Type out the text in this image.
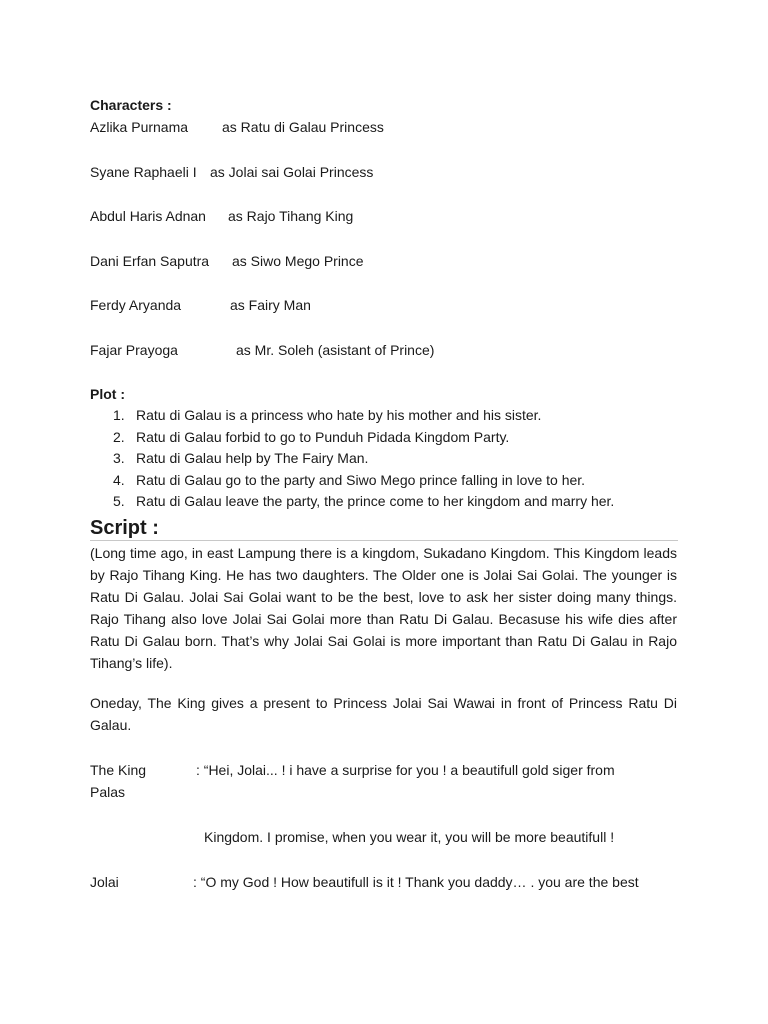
Characters :
Azlika Purnama as Ratu di Galau Princess
Syane Raphaeli I as Jolai sai Golai Princess
Abdul Haris Adnan as Rajo Tihang King
Dani Erfan Saputra as Siwo Mego Prince
Ferdy Aryanda	as Fairy Man
Fajar Prayoga	as Mr. Soleh (asistant of Prince)
Plot :
1. Ratu di Galau is a princess who hate by his mother and his sister.
2. Ratu di Galau forbid to go to Punduh Pidada Kingdom Party.
3. Ratu di Galau help by The Fairy Man.
4. Ratu di Galau go to the party and Siwo Mego prince falling in love to her.
5. Ratu di Galau leave the party, the prince come to her kingdom and marry her.
Script :
(Long time ago, in east Lampung there is a kingdom, Sukadano Kingdom. This Kingdom leads by Rajo Tihang King. He has two daughters. The Older one is Jolai Sai Golai. The younger is Ratu Di Galau. Jolai Sai Golai want to be the best, love to ask her sister doing many things. Rajo Tihang also love Jolai Sai Golai more than Ratu Di Galau. Becasuse his wife dies after Ratu Di Galau born. That’s why Jolai Sai Golai is more important than Ratu Di Galau in Rajo Tihang’s life).
Oneday, The King gives a present to Princess Jolai Sai Wawai in front of Princess Ratu Di Galau.
The King	: “Hei, Jolai... ! i have a surprise for you ! a beautifull gold siger from
Palas
Kingdom. I promise, when you wear it, you will be more beautifull !
Jolai	: “O my God ! How beautifull is it ! Thank you daddy… . you are the best
